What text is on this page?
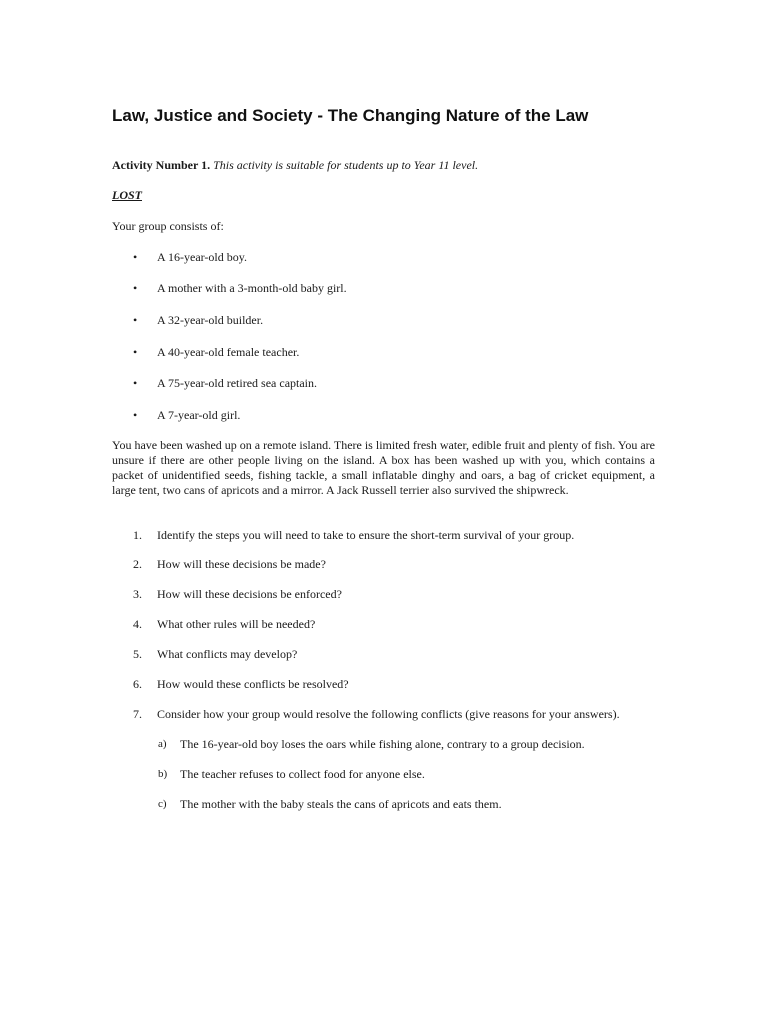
Law, Justice and Society - The Changing Nature of the Law
Activity Number 1. This activity is suitable for students up to Year 11 level.
LOST
Your group consists of:
• A 16-year-old boy.
• A mother with a 3-month-old baby girl.
• A 32-year-old builder.
• A 40-year-old female teacher.
• A 75-year-old retired sea captain.
• A 7-year-old girl.

You have been washed up on a remote island. There is limited fresh water, edible fruit and plenty of fish. You are unsure if there are other people living on the island. A box has been washed up with you, which contains a packet of unidentified seeds, fishing tackle, a small inflatable dinghy and oars, a bag of cricket equipment, a large tent, two cans of apricots and a mirror. A Jack Russell terrier also survived the shipwreck.

1. Identify the steps you will need to take to ensure the short-term survival of your group.
2. How will these decisions be made?
3. How will these decisions be enforced?
4. What other rules will be needed?
5. What conflicts may develop?
6. How would these conflicts be resolved?
7. Consider how your group would resolve the following conflicts (give reasons for your answers).
a) The 16-year-old boy loses the oars while fishing alone, contrary to a group decision.
b) The teacher refuses to collect food for anyone else.
c) The mother with the baby steals the cans of apricots and eats them.
